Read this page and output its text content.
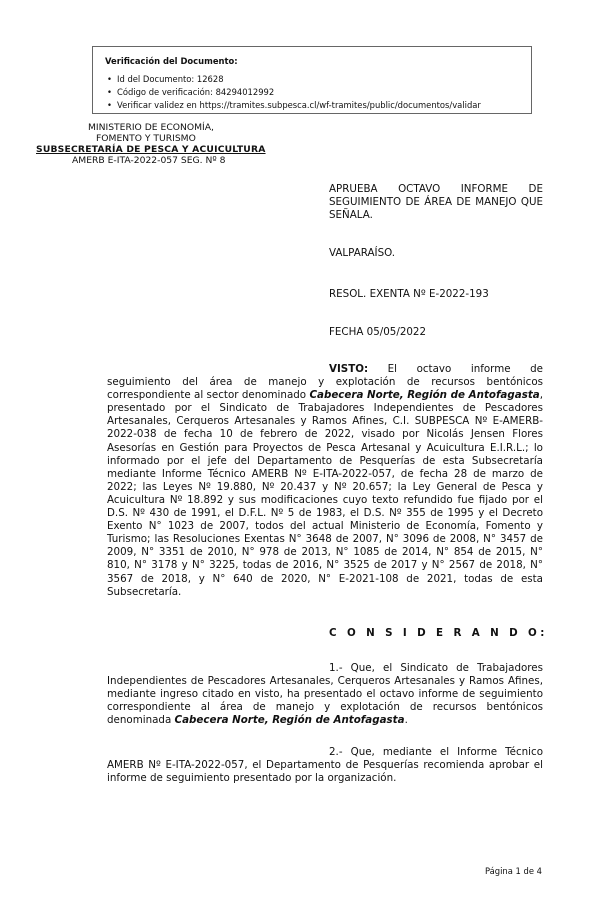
Verificación del Documento:
• Id del Documento: 12628
• Código de verificación: 84294012992
• Verificar validez en https://tramites.subpesca.cl/wf-tramites/public/documentos/validar
MINISTERIO DE ECONOMÍA,
FOMENTO Y TURISMO
SUBSECRETARÍA DE PESCA Y ACUICULTURA
AMERB E-ITA-2022-057 SEG. Nº 8
APRUEBA OCTAVO INFORME DE SEGUIMIENTO DE ÁREA DE MANEJO QUE SEÑALA.
VALPARAÍSO.
RESOL. EXENTA Nº E-2022-193
FECHA 05/05/2022
VISTO: El octavo informe de

seguimiento del área de manejo y explotación de recursos bentónicos correspondiente al sector denominado Cabecera Norte, Región de Antofagasta, presentado por el Sindicato de Trabajadores Independientes de Pescadores Artesanales, Cerqueros Artesanales y Ramos Afines, C.I. SUBPESCA Nº E-AMERB-2022-038 de fecha 10 de febrero de 2022, visado por Nicolás Jensen Flores Asesorías en Gestión para Proyectos de Pesca Artesanal y Acuicultura E.I.R.L.; lo informado por el jefe del Departamento de Pesquerías de esta Subsecretaría mediante Informe Técnico AMERB Nº E-ITA-2022-057, de fecha 28 de marzo de 2022; las Leyes Nº 19.880, Nº 20.437 y Nº 20.657; la Ley General de Pesca y Acuicultura Nº 18.892 y sus modificaciones cuyo texto refundido fue fijado por el D.S. Nº 430 de 1991, el D.F.L. Nº 5 de 1983, el D.S. Nº 355 de 1995 y el Decreto Exento N° 1023 de 2007, todos del actual Ministerio de Economía, Fomento y Turismo; las Resoluciones Exentas N° 3648 de 2007, N° 3096 de 2008, N° 3457 de 2009, N° 3351 de 2010, N° 978 de 2013, N° 1085 de 2014, N° 854 de 2015, N° 810, N° 3178 y N° 3225, todas de 2016, N° 3525 de 2017 y N° 2567 de 2018, N° 3567 de 2018, y N° 640 de 2020, N° E-2021-108 de 2021, todas de esta Subsecretaría.

C O N S I D E R A N D O:
1.- Que, el Sindicato de Trabajadores

Independientes de Pescadores Artesanales, Cerqueros Artesanales y Ramos Afines, mediante ingreso citado en visto, ha presentado el octavo informe de seguimiento correspondiente al área de manejo y explotación de recursos bentónicos denominada Cabecera Norte, Región de Antofagasta.

2.- Que, mediante el Informe Técnico

AMERB Nº E-ITA-2022-057, el Departamento de Pesquerías recomienda aprobar el informe de seguimiento presentado por la organización.

Página 1 de 4
